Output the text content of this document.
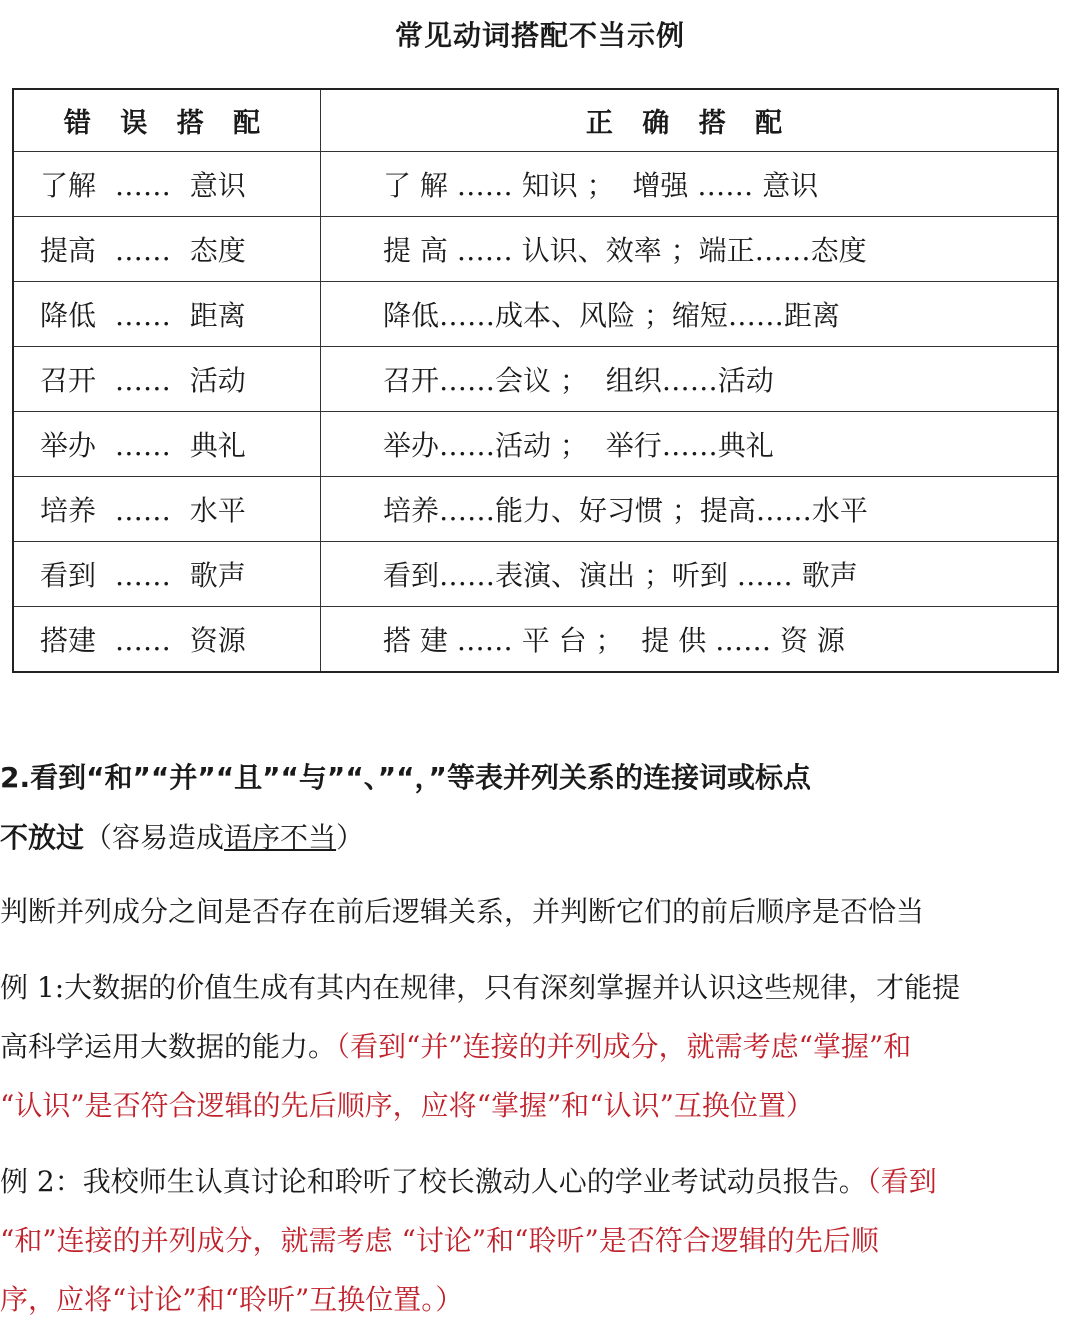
常见动词搭配不当示例
错 误 搭 配	正 确 搭 配
了解 …… 意识	了 解 …… 知识 ；  增强 …… 意识
提高 …… 态度	提 高 …… 认识、效率 ；端正……态度
降低 …… 距离	降低……成本、风险 ；缩短……距离
召开 …… 活动	召开……会议 ；  组织……活动
举办 …… 典礼	举办……活动 ；  举行……典礼
培养 …… 水平	培养……能力、好习惯 ；提高……水平
看到 …… 歌声	看到……表演、演出 ；听到 …… 歌声
搭建 …… 资源	搭 建 …… 平 台 ；  提 供 …… 资 源
2.看到“和”“并”“且”“与”“、”“，”等表并列关系的连接词或标点
不放过（容易造成语序不当）
判断并列成分之间是否存在前后逻辑关系，并判断它们的前后顺序是否恰当
例 1:大数据的价值生成有其内在规律，只有深刻掌握并认识这些规律，才能提
高科学运用大数据的能力。（看到“并”连接的并列成分，就需考虑“掌握”和
“认识”是否符合逻辑的先后顺序，应将“掌握”和“认识”互换位置）
例 2：我校师生认真讨论和聆听了校长激动人心的学业考试动员报告。（看到
“和”连接的并列成分，就需考虑 “讨论”和“聆听”是否符合逻辑的先后顺
序，应将“讨论”和“聆听”互换位置。）
